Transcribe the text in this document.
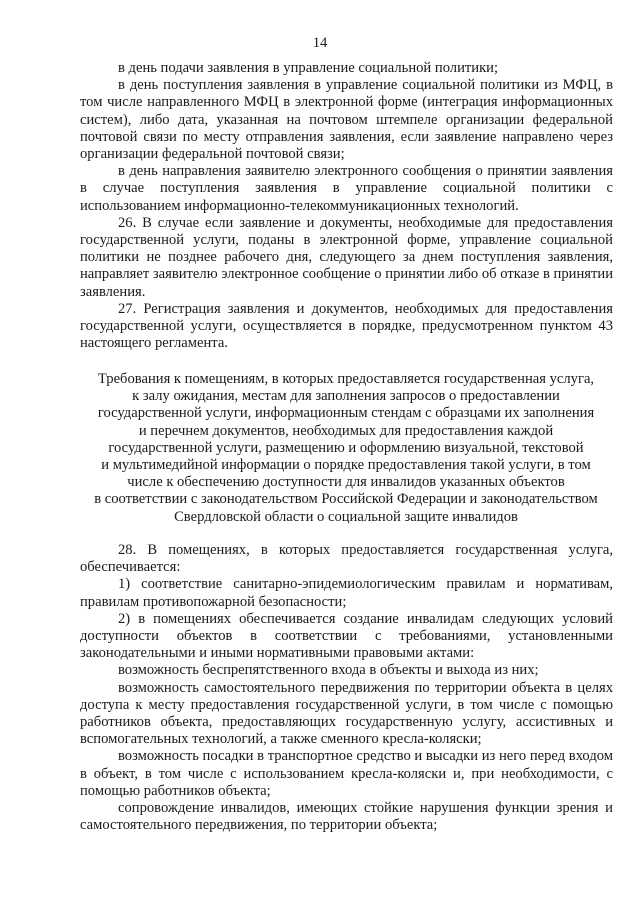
14

в день подачи заявления в управление социальной политики;

в день поступления заявления в управление социальной политики из МФЦ, в том числе направленного МФЦ в электронной форме (интеграция информационных систем), либо дата, указанная на почтовом штемпеле организации федеральной почтовой связи по месту отправления заявления, если заявление направлено через организации федеральной почтовой связи;

в день направления заявителю электронного сообщения о принятии заявления в случае поступления заявления в управление социальной политики с использованием информационно-телекоммуникационных технологий.

26. В случае если заявление и документы, необходимые для предоставления государственной услуги, поданы в электронной форме, управление социальной политики не позднее рабочего дня, следующего за днем поступления заявления, направляет заявителю электронное сообщение о принятии либо об отказе в принятии заявления.

27. Регистрация заявления и документов, необходимых для предоставления государственной услуги, осуществляется в порядке, предусмотренном пунктом 43 настоящего регламента.

Требования к помещениям, в которых предоставляется государственная услуга,
к залу ожидания, местам для заполнения запросов о предоставлении
государственной услуги, информационным стендам с образцами их заполнения
и перечнем документов, необходимых для предоставления каждой
государственной услуги, размещению и оформлению визуальной, текстовой
и мультимедийной информации о порядке предоставления такой услуги, в том
числе к обеспечению доступности для инвалидов указанных объектов
в соответствии с законодательством Российской Федерации и законодательством
Свердловской области о социальной защите инвалидов

28. В помещениях, в которых предоставляется государственная услуга, обеспечивается:

1) соответствие санитарно-эпидемиологическим правилам и нормативам, правилам противопожарной безопасности;

2) в помещениях обеспечивается создание инвалидам следующих условий доступности объектов в соответствии с требованиями, установленными законодательными и иными нормативными правовыми актами:

возможность беспрепятственного входа в объекты и выхода из них;

возможность самостоятельного передвижения по территории объекта в целях доступа к месту предоставления государственной услуги, в том числе с помощью работников объекта, предоставляющих государственную услугу, ассистивных и вспомогательных технологий, а также сменного кресла-коляски;

возможность посадки в транспортное средство и высадки из него перед входом в объект, в том числе с использованием кресла-коляски и, при необходимости, с помощью работников объекта;

сопровождение инвалидов, имеющих стойкие нарушения функции зрения и самостоятельного передвижения, по территории объекта;
